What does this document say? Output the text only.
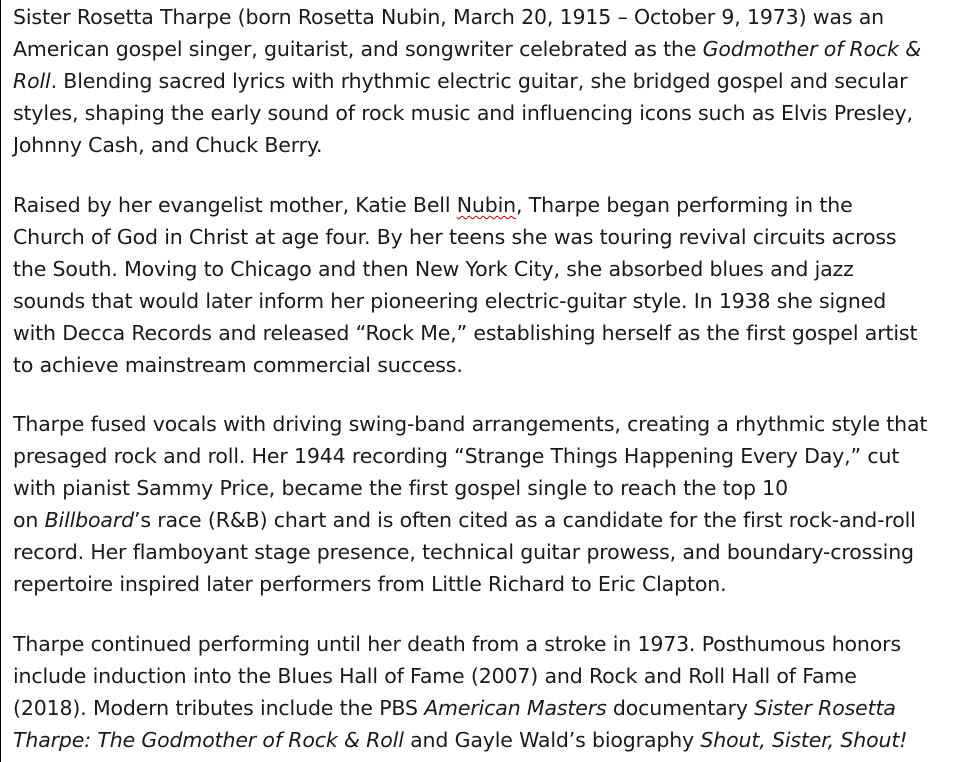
Sister Rosetta Tharpe (born Rosetta Nubin, March 20, 1915 – October 9, 1973) was an
American gospel singer, guitarist, and songwriter celebrated as the Godmother of Rock &
Roll. Blending sacred lyrics with rhythmic electric guitar, she bridged gospel and secular
styles, shaping the early sound of rock music and influencing icons such as Elvis Presley,
Johnny Cash, and Chuck Berry.

Raised by her evangelist mother, Katie Bell Nubin, Tharpe began performing in the
Church of God in Christ at age four. By her teens she was touring revival circuits across
the South. Moving to Chicago and then New York City, she absorbed blues and jazz
sounds that would later inform her pioneering electric-guitar style. In 1938 she signed
with Decca Records and released “Rock Me,” establishing herself as the first gospel artist
to achieve mainstream commercial success.

Tharpe fused vocals with driving swing-band arrangements, creating a rhythmic style that
presaged rock and roll. Her 1944 recording “Strange Things Happening Every Day,” cut
with pianist Sammy Price, became the first gospel single to reach the top 10
on Billboard’s race (R&B) chart and is often cited as a candidate for the first rock-and-roll
record. Her flamboyant stage presence, technical guitar prowess, and boundary-crossing
repertoire inspired later performers from Little Richard to Eric Clapton.

Tharpe continued performing until her death from a stroke in 1973. Posthumous honors
include induction into the Blues Hall of Fame (2007) and Rock and Roll Hall of Fame
(2018). Modern tributes include the PBS American Masters documentary Sister Rosetta
Tharpe: The Godmother of Rock & Roll and Gayle Wald’s biography Shout, Sister, Shout!
